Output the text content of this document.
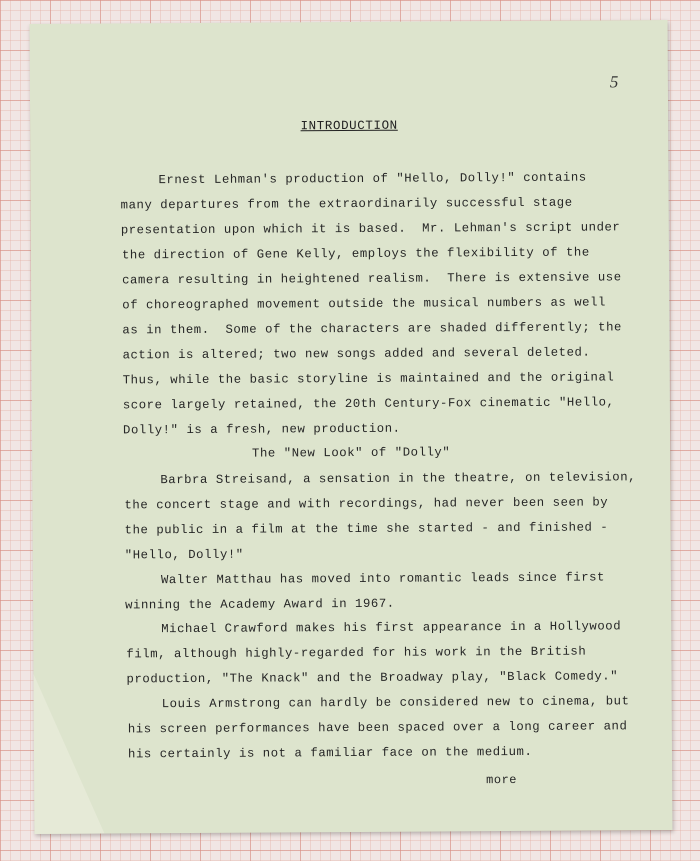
5
INTRODUCTION
Ernest Lehman's production of "Hello, Dolly!" contains
many departures from the extraordinarily successful stage
presentation upon which it is based.  Mr. Lehman's script under
the direction of Gene Kelly, employs the flexibility of the
camera resulting in heightened realism.  There is extensive use
of choreographed movement outside the musical numbers as well
as in them.  Some of the characters are shaded differently; the
action is altered; two new songs added and several deleted.
Thus, while the basic storyline is maintained and the original
score largely retained, the 20th Century-Fox cinematic "Hello,
Dolly!" is a fresh, new production.
The "New Look" of "Dolly"
Barbra Streisand, a sensation in the theatre, on television,
the concert stage and with recordings, had never been seen by
the public in a film at the time she started - and finished -
"Hello, Dolly!"
Walter Matthau has moved into romantic leads since first
winning the Academy Award in 1967.
Michael Crawford makes his first appearance in a Hollywood
film, although highly-regarded for his work in the British
production, "The Knack" and the Broadway play, "Black Comedy."
Louis Armstrong can hardly be considered new to cinema, but
his screen performances have been spaced over a long career and
his certainly is not a familiar face on the medium.
more
